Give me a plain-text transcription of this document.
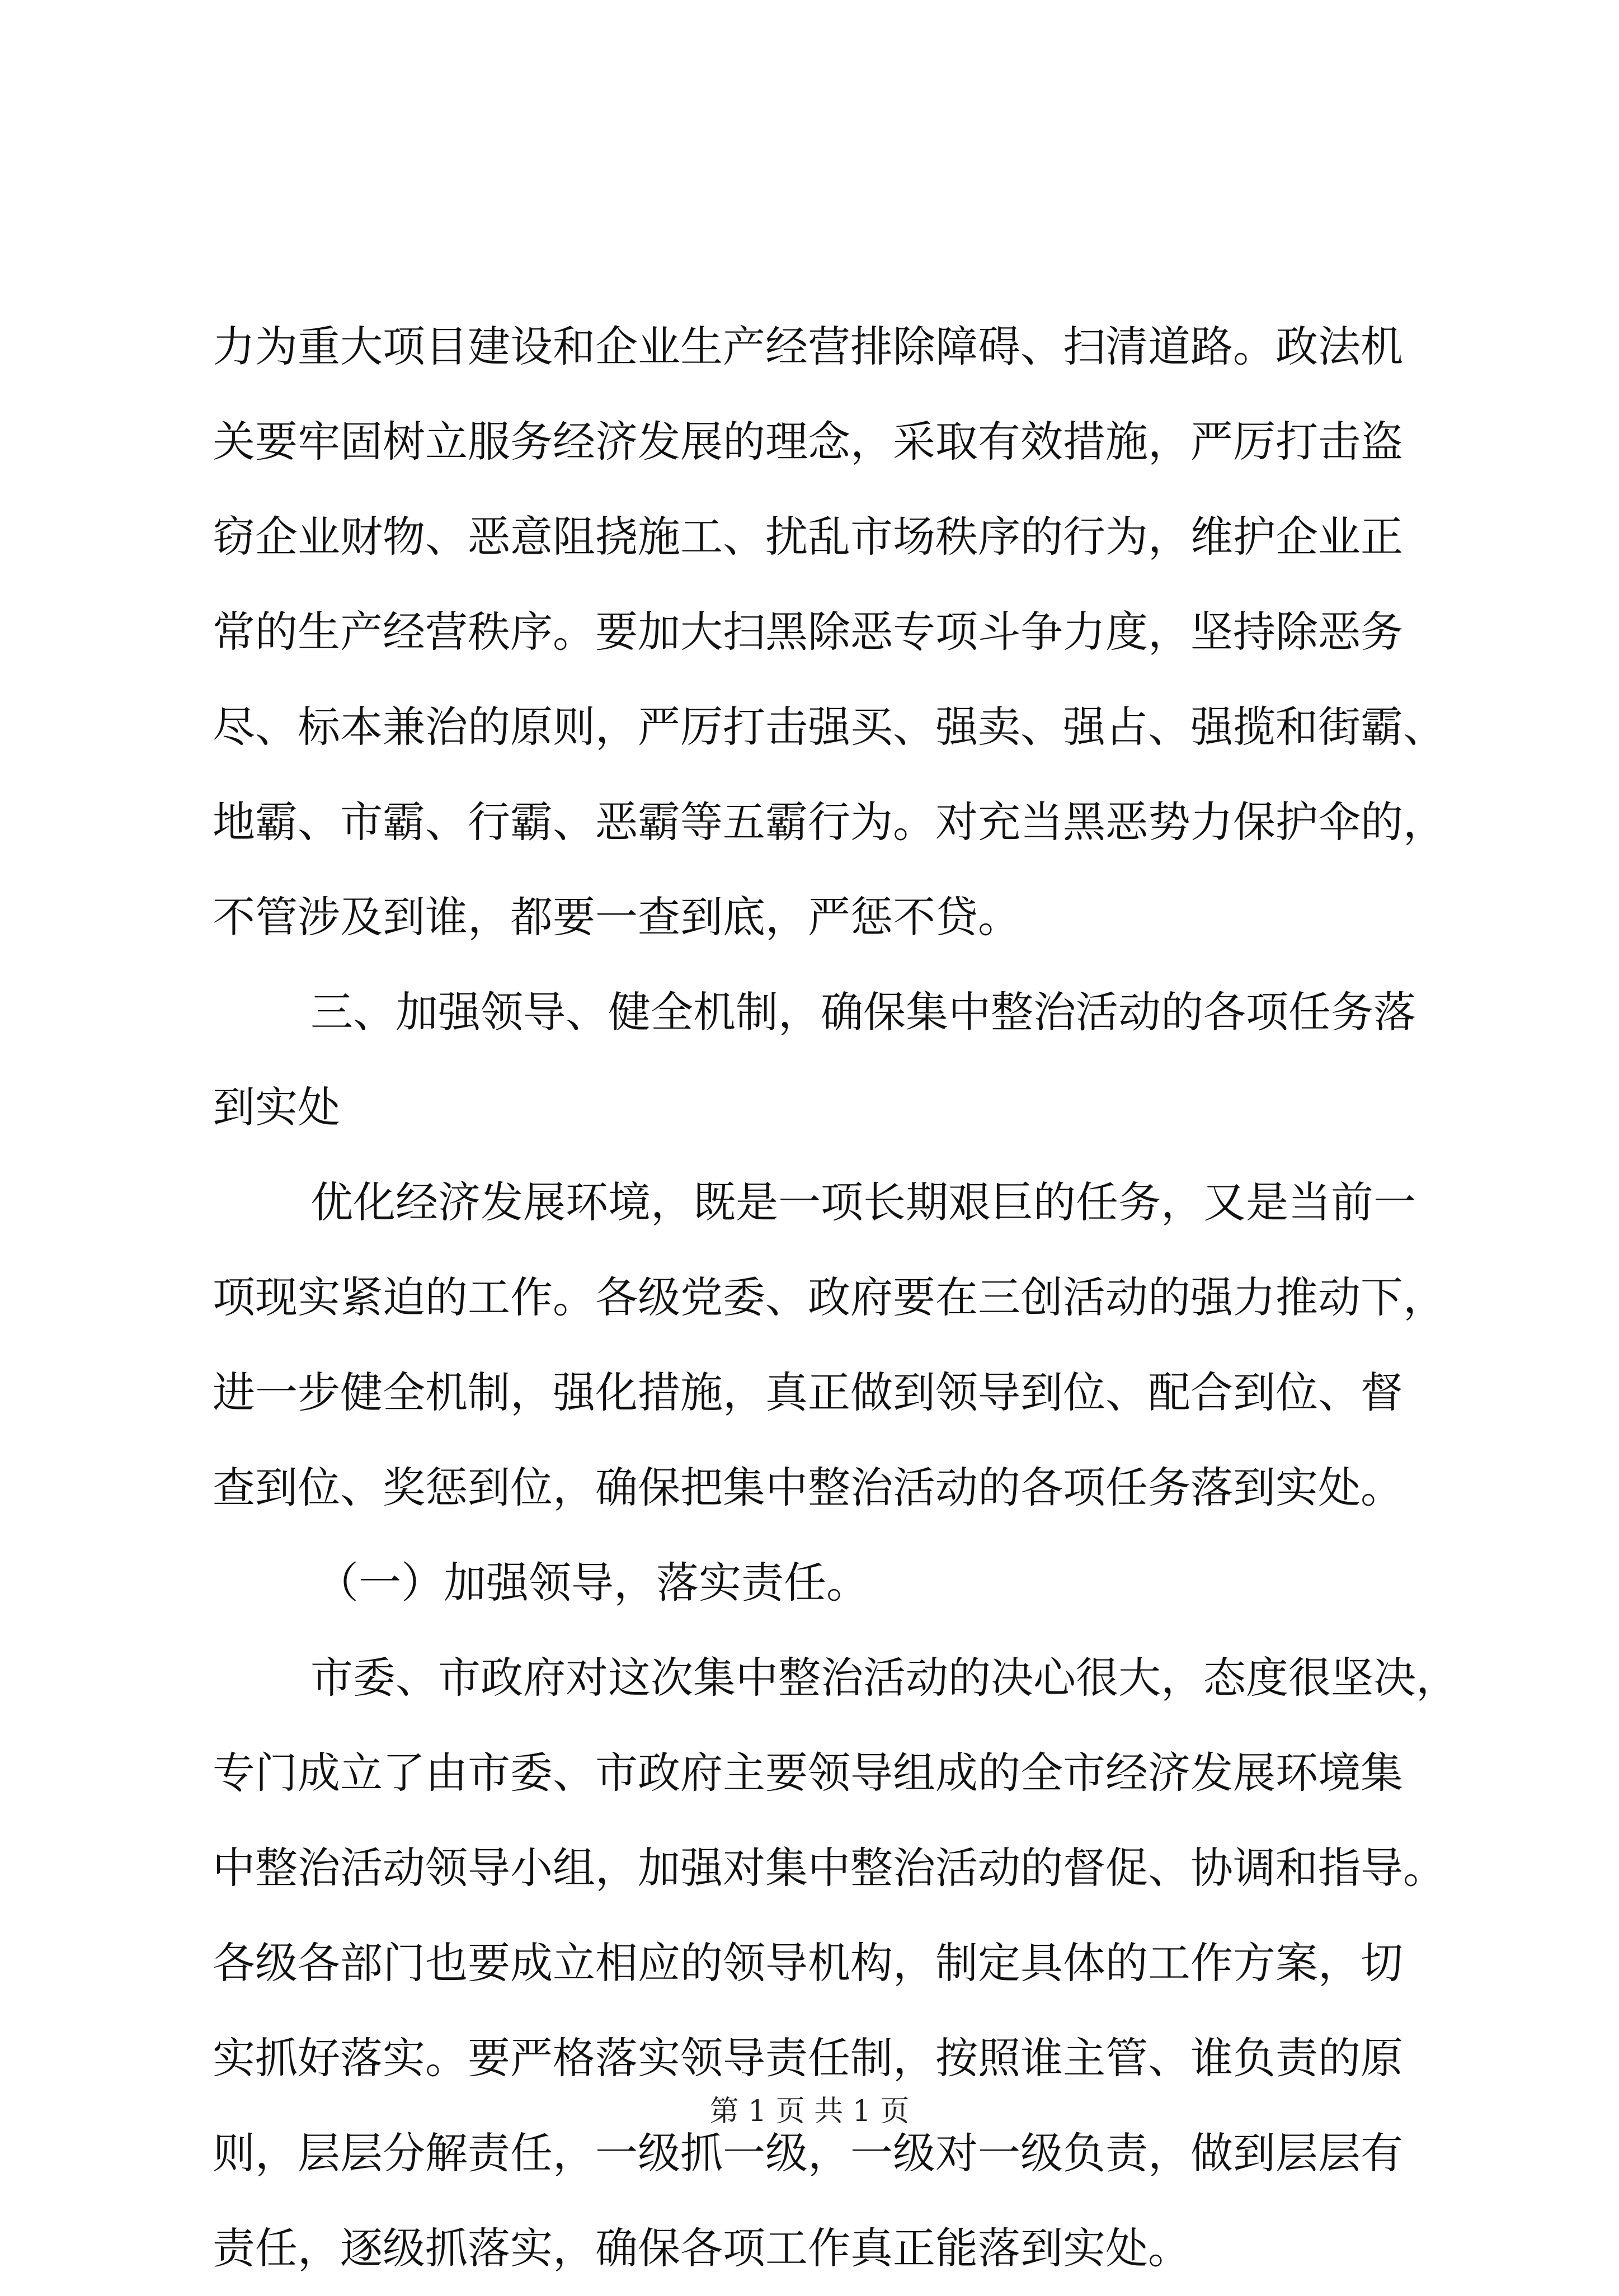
力为重大项目建设和企业生产经营排除障碍、扫清道路。政法机
关要牢固树立服务经济发展的理念，采取有效措施，严厉打击盗
窃企业财物、恶意阻挠施工、扰乱市场秩序的行为，维护企业正
常的生产经营秩序。要加大扫黑除恶专项斗争力度，坚持除恶务
尽、标本兼治的原则，严厉打击强买、强卖、强占、强揽和街霸、
地霸、市霸、行霸、恶霸等五霸行为。对充当黑恶势力保护伞的，
不管涉及到谁，都要一查到底，严惩不贷。
三、加强领导、健全机制，确保集中整治活动的各项任务落
到实处
优化经济发展环境，既是一项长期艰巨的任务，又是当前一
项现实紧迫的工作。各级党委、政府要在三创活动的强力推动下，
进一步健全机制，强化措施，真正做到领导到位、配合到位、督
查到位、奖惩到位，确保把集中整治活动的各项任务落到实处。
（一）加强领导，落实责任。
市委、市政府对这次集中整治活动的决心很大，态度很坚决，
专门成立了由市委、市政府主要领导组成的全市经济发展环境集
中整治活动领导小组，加强对集中整治活动的督促、协调和指导。
各级各部门也要成立相应的领导机构，制定具体的工作方案，切
实抓好落实。要严格落实领导责任制，按照谁主管、谁负责的原
则，层层分解责任，一级抓一级，一级对一级负责，做到层层有
责任，逐级抓落实，确保各项工作真正能落到实处。
第 1 页 共 1 页
